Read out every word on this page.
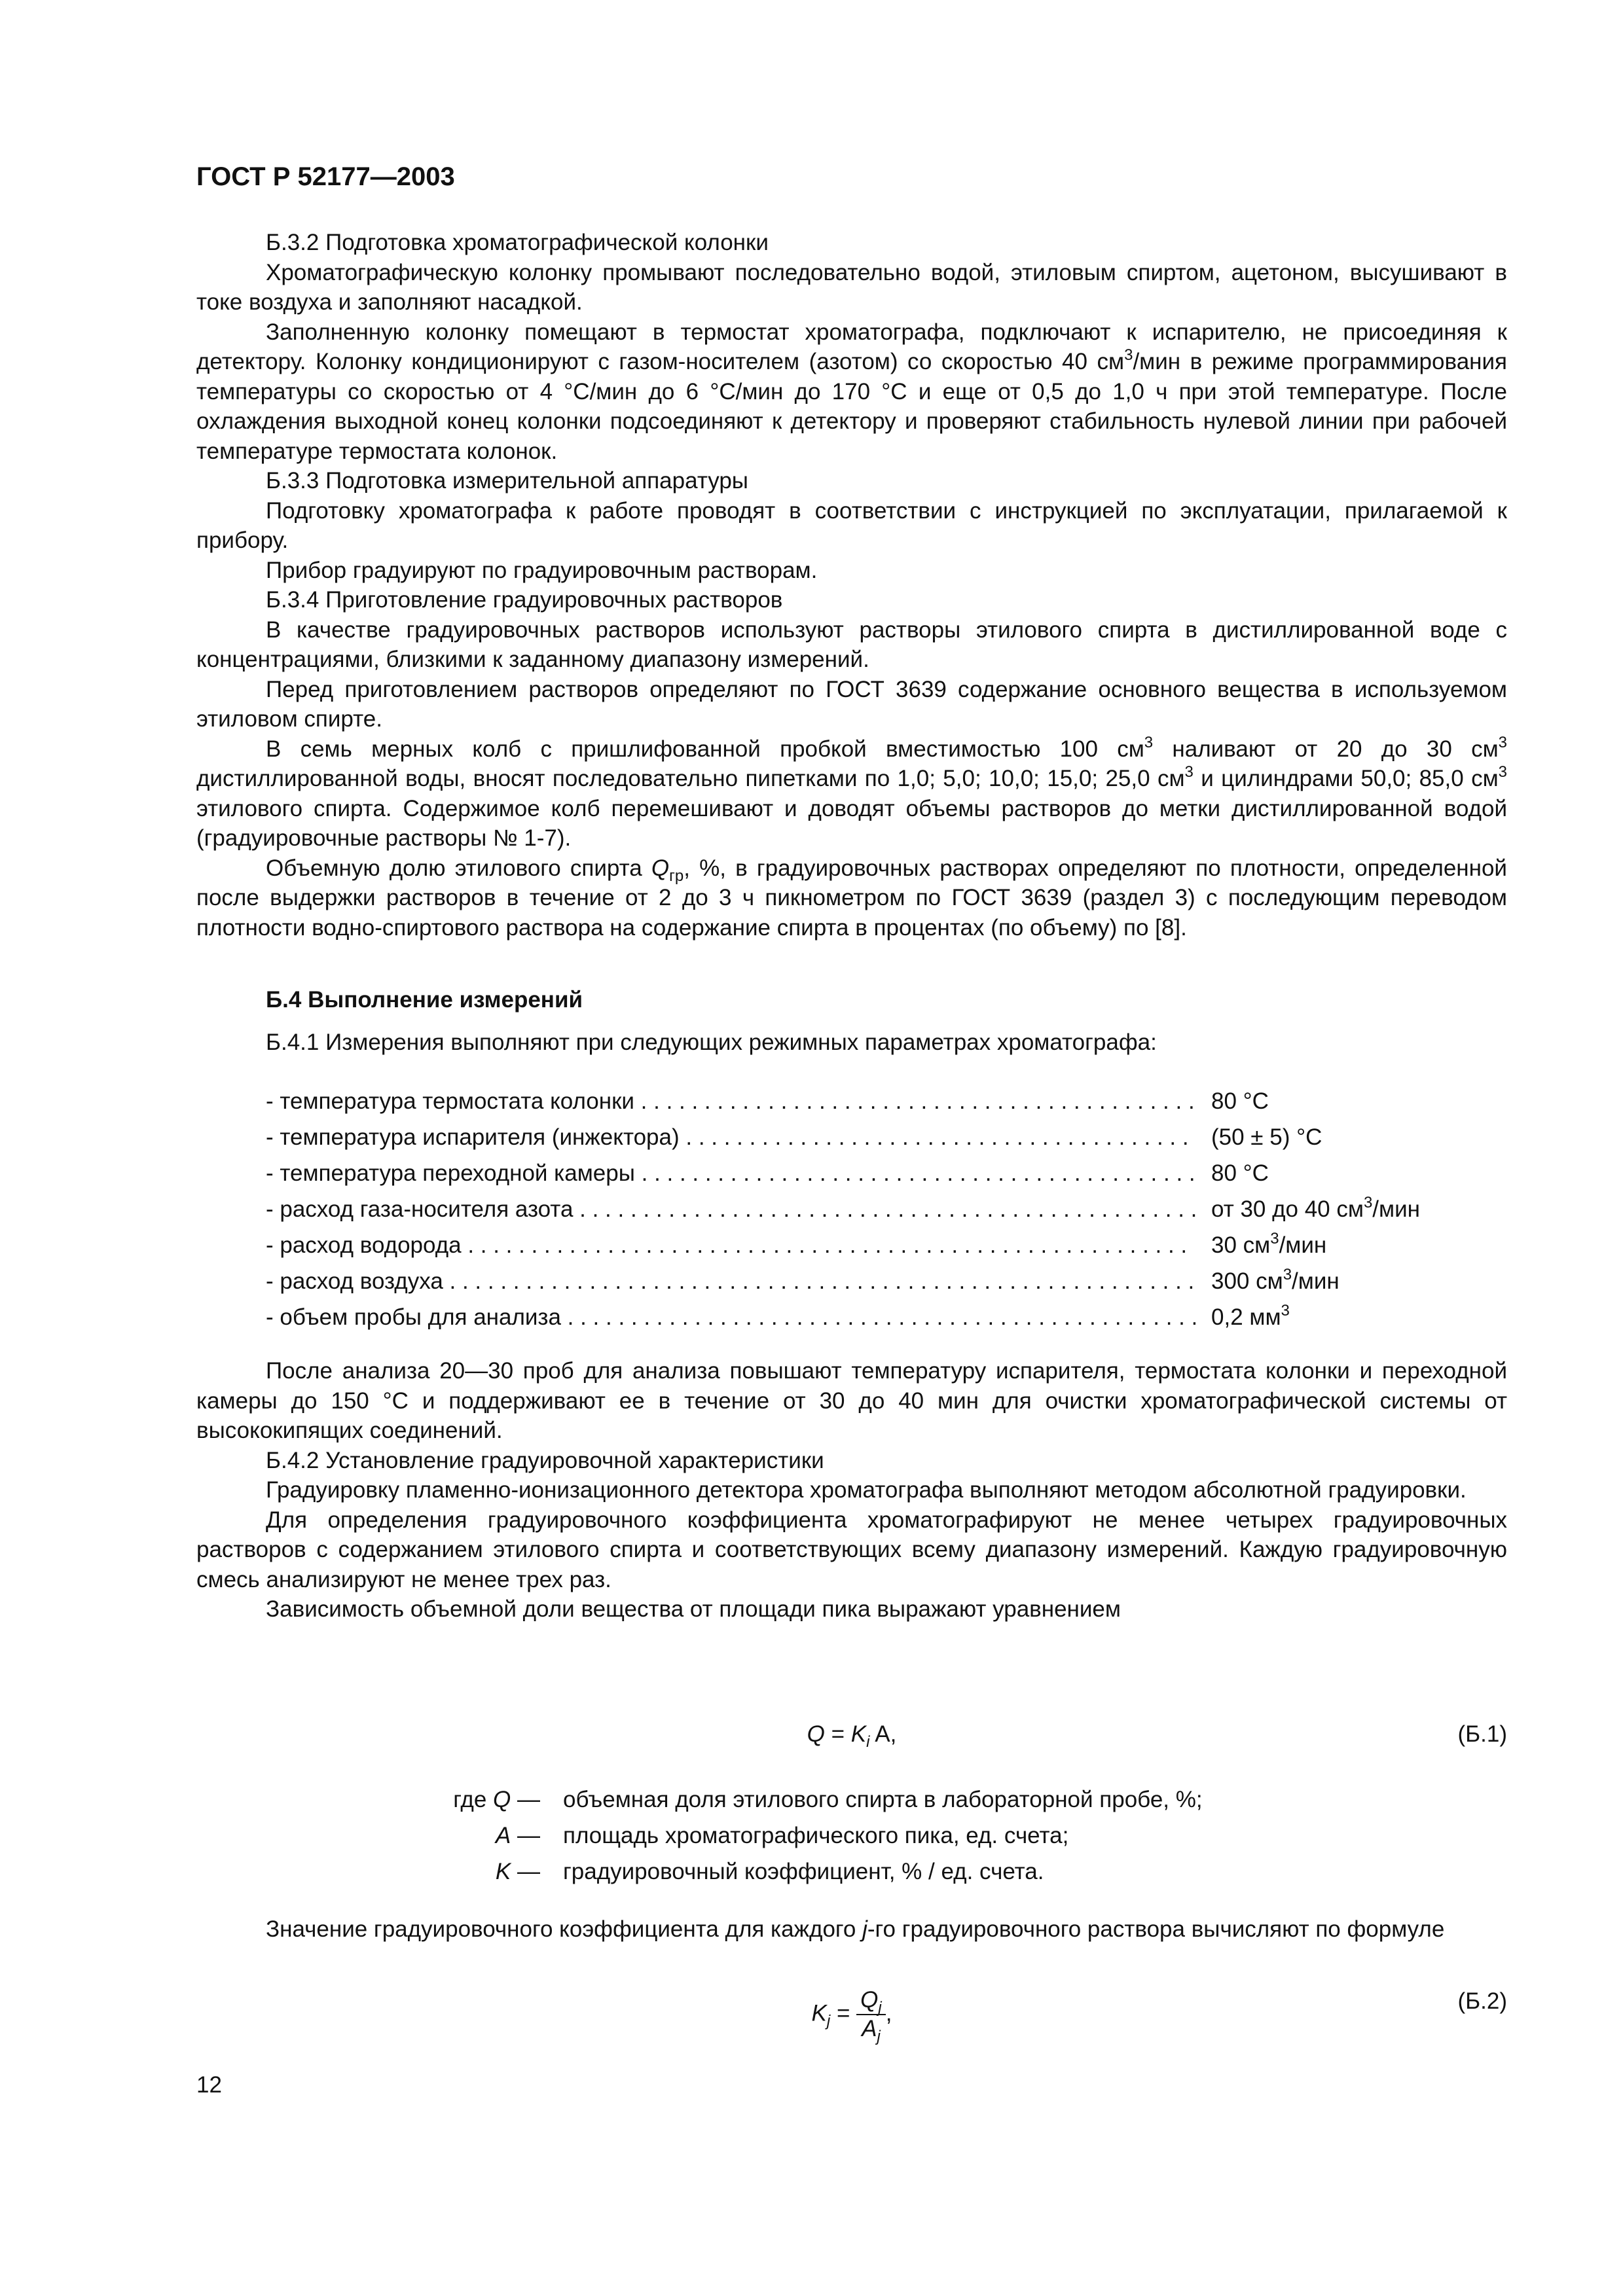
ГОСТ Р 52177—2003

Б.3.2 Подготовка хроматографической колонки

Хроматографическую колонку промывают последовательно водой, этиловым спиртом, ацетоном, высушивают в токе воздуха и заполняют насадкой.

Заполненную колонку помещают в термостат хроматографа, подключают к испарителю, не присоединяя к детектору. Колонку кондиционируют с газом-носителем (азотом) со скоростью 40 $см^3$/мин в режиме программирования температуры со скоростью от 4 °С/мин до 6 °С/мин до 170 °С и еще от 0,5 до 1,0 ч при этой температуре. После охлаждения выходной конец колонки подсоединяют к детектору и проверяют стабильность нулевой линии при рабочей температуре термостата колонок.

Б.3.3 Подготовка измерительной аппаратуры

Подготовку хроматографа к работе проводят в соответствии с инструкцией по эксплуатации, прилагаемой к прибору.

Прибор градуируют по градуировочным растворам.

Б.3.4 Приготовление градуировочных растворов

В качестве градуировочных растворов используют растворы этилового спирта в дистиллированной воде с концентрациями, близкими к заданному диапазону измерений.

Перед приготовлением растворов определяют по ГОСТ 3639 содержание основного вещества в используемом этиловом спирте.

В семь мерных колб с пришлифованной пробкой вместимостью 100 $см^3$ наливают от 20 до 30 $см^3$ дистиллированной воды, вносят последовательно пипетками по 1,0; 5,0; 10,0; 15,0; 25,0 $см^3$ и цилиндрами 50,0; 85,0 $см^3$ этилового спирта. Содержимое колб перемешивают и доводят объемы растворов до метки дистиллированной водой (градуировочные растворы № 1-7).

Объемную долю этилового спирта $Q_{гр}$, %, в градуировочных растворах определяют по плотности, определенной после выдержки растворов в течение от 2 до 3 ч пикнометром по ГОСТ 3639 (раздел 3) с последующим переводом плотности водно-спиртового раствора на содержание спирта в процентах (по объему) по [8].

Б.4 Выполнение измерений

Б.4.1 Измерения выполняют при следующих режимных параметрах хроматографа:

- температура термостата колонки . . .	80 °С
- температура испарителя (инжектора) . . .	(50 ± 5) °С
- температура переходной камеры . . .	80 °С
- расход газа-носителя азота . . .	от 30 до 40 $см^3$/мин
- расход водорода . . .	30 $см^3$/мин
- расход воздуха . . .	300 $см^3$/мин
- объем пробы для анализа . . .	0,2 $мм^3$

После анализа 20—30 проб для анализа повышают температуру испарителя, термостата колонки и переходной камеры до 150 °С и поддерживают ее в течение от 30 до 40 мин для очистки хроматографической системы от высококипящих соединений.

Б.4.2 Установление градуировочной характеристики

Градуировку пламенно-ионизационного детектора хроматографа выполняют методом абсолютной градуировки.

Для определения градуировочного коэффициента хроматографируют не менее четырех градуировочных растворов с содержанием этилового спирта и соответствующих всему диапазону измерений. Каждую градуировочную смесь анализируют не менее трех раз.

Зависимость объемной доли вещества от площади пика выражают уравнением

$Q = K_i$ A,	(Б.1)
где Q — объемная доля этилового спирта в лабораторной пробе, %;
A — площадь хроматографического пика, ед. счета;
K — градуировочный коэффициент, % / ед. счета.

Значение градуировочного коэффициента для каждого j-го градуировочного раствора вычисляют по формуле

$K_j = \frac{Q_j}{A_j}$ ,	(Б.2)
12
